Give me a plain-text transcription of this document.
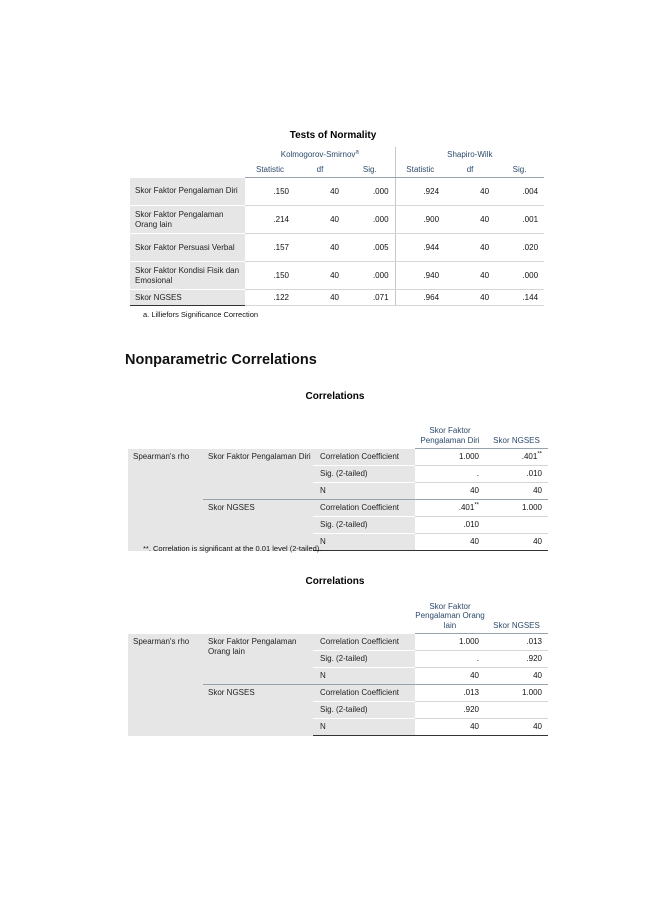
Tests of Normality
	Kolmogorov-Smirnov$^a$			Shapiro-Wilk		
	Statistic	df	Sig.	Statistic	df	Sig.
Skor Faktor Pengalaman Diri	.150	40	.000	.924	40	.004
Skor Faktor Pengalaman Orang lain	.214	40	.000	.900	40	.001
Skor Faktor Persuasi Verbal	.157	40	.005	.944	40	.020
Skor Faktor Kondisi Fisik dan Emosional	.150	40	.000	.940	40	.000
Skor NGSES	.122	40	.071	.964	40	.144
a. Lilliefors Significance Correction
Nonparametric Correlations
Correlations
			Skor Faktor Pengalaman Diri	Skor NGSES
Spearman's rho	Skor Faktor Pengalaman Diri	Correlation Coefficient	1.000	.401**
		Sig. (2-tailed)	.	.010
		N	40	40
	Skor NGSES	Correlation Coefficient	.401**	1.000
		Sig. (2-tailed)	.010	
		N	40	40
**. Correlation is significant at the 0.01 level (2-tailed).
Correlations
			Skor Faktor Pengalaman Orang lain	Skor NGSES
Spearman's rho	Skor Faktor Pengalaman Orang lain	Correlation Coefficient	1.000	.013
		Sig. (2-tailed)	.	.920
		N	40	40
	Skor NGSES	Correlation Coefficient	.013	1.000
		Sig. (2-tailed)	.920	
		N	40	40
